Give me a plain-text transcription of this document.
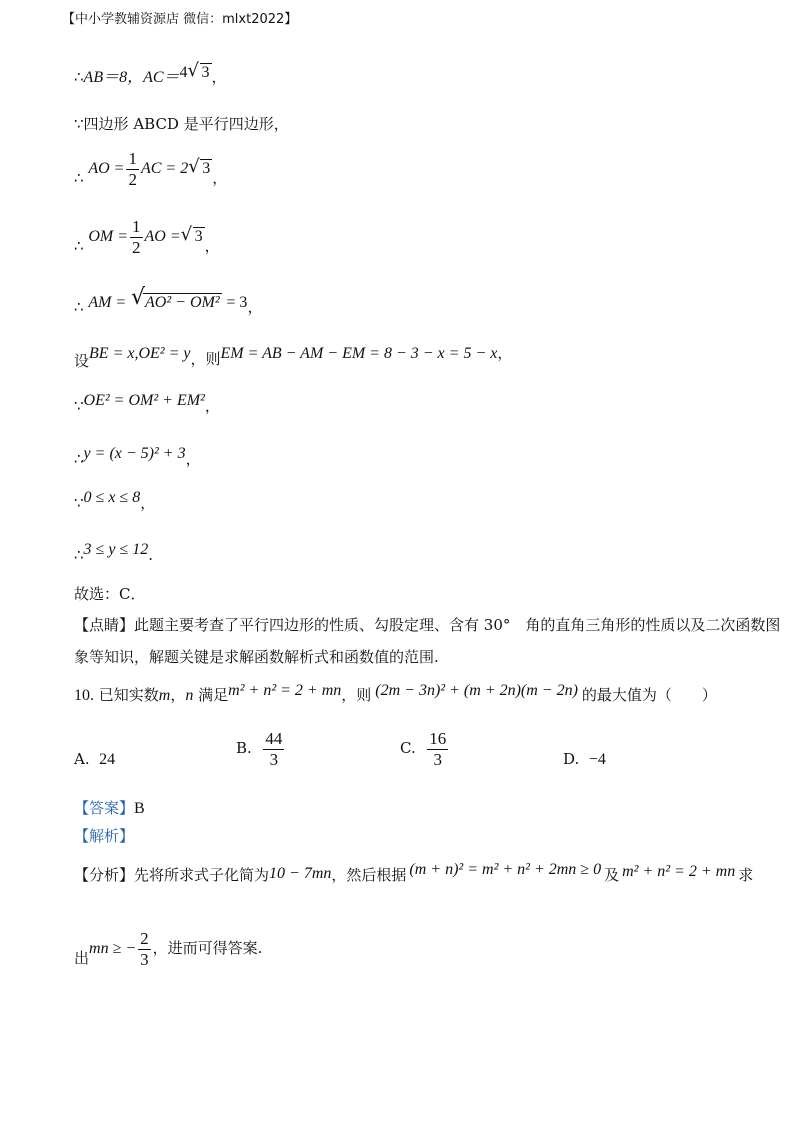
【中小学教辅资源店 微信：mlxt2022】
∴AB＝8，AC＝4 √ 3 ，
∵四边形 ABCD 是平行四边形，
∴ AO = $\frac{1}{2}$ AC = 2 √ 3，
∴ OM = $\frac{1}{2}$ AO = √ 3，
∴ AM = √ AO² − OM² = 3，
设BE = x,OE² = y，则EM = AB − AM − EM = 8 − 3 − x = 5 − x，
∵OE² = OM² + EM²，
∴y = (x − 5)² + 3，
∵0 ≤ x ≤ 8，
∴3 ≤ y ≤ 12.
故选：C．
【点睛】此题主要考查了平行四边形的性质、勾股定理、含有 30°　角的直角三角形的性质以及二次函数图
象等知识，解题关键是求解函数解析式和函数值的范围.
10. 已知实数m，n 满足m² + n² = 2 + mn，则 (2m − 3n)² + (m + 2n)(m − 2n) 的最大值为（　　）
A. 24
B. $\frac{44}{3}$	C. $\frac{16}{3}$	D. −4
【答案】B
【解析】
【分析】先将所求式子化简为10 − 7mn，然后根据 (m + n)² = m² + n² + 2mn ≥ 0 及 m² + n² = 2 + mn 求
出mn ≥ − $\frac{2}{3}$ ，进而可得答案.
